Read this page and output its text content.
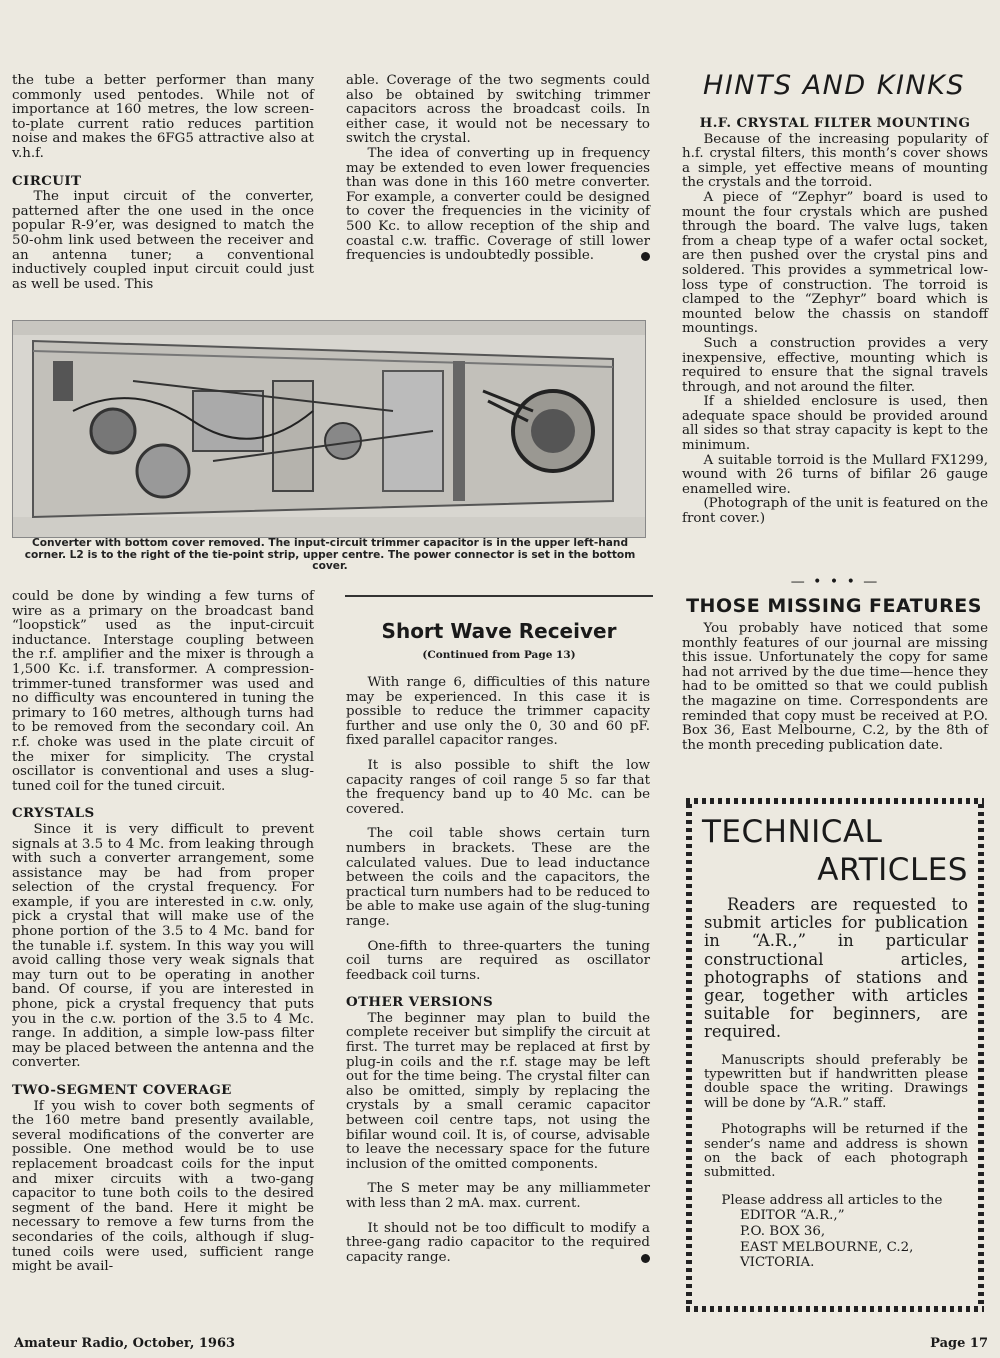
the tube a better performer than many commonly used pentodes. While not of importance at 160 metres, the low screen-to-plate current ratio reduces partition noise and makes the 6FG5 attractive also at v.h.f.

CIRCUIT

The input circuit of the converter, patterned after the one used in the once popular R-9’er, was designed to match the 50-ohm link used between the receiver and an antenna tuner; a conventional inductively coupled input circuit could just as well be used. This

able. Coverage of the two segments could also be obtained by switching trimmer capacitors across the broadcast coils. In either case, it would not be necessary to switch the crystal.

The idea of converting up in frequency may be extended to even lower frequencies than was done in this 160 metre converter. For example, a converter could be designed to cover the frequencies in the vicinity of 500 Kc. to allow reception of the ship and coastal c.w. traffic. Coverage of still lower frequencies is undoubtedly possible.

Converter with bottom cover removed. The input-circuit trimmer capacitor is in the upper left-hand corner. L2 is to the right of the tie-point strip, upper centre. The power connector is set in the bottom cover.

could be done by winding a few turns of wire as a primary on the broadcast band “loopstick” used as the input-circuit inductance. Interstage coupling between the r.f. amplifier and the mixer is through a 1,500 Kc. i.f. transformer. A compression-trimmer-tuned transformer was used and no difficulty was encountered in tuning the primary to 160 metres, although turns had to be removed from the secondary coil. An r.f. choke was used in the plate circuit of the mixer for simplicity. The crystal oscillator is conventional and uses a slug-tuned coil for the tuned circuit.

CRYSTALS

Since it is very difficult to prevent signals at 3.5 to 4 Mc. from leaking through with such a converter arrangement, some assistance may be had from proper selection of the crystal frequency. For example, if you are interested in c.w. only, pick a crystal that will make use of the phone portion of the 3.5 to 4 Mc. band for the tunable i.f. system. In this way you will avoid calling those very weak signals that may turn out to be operating in another band. Of course, if you are interested in phone, pick a crystal frequency that puts you in the c.w. portion of the 3.5 to 4 Mc. range. In addition, a simple low-pass filter may be placed between the antenna and the converter.

TWO-SEGMENT COVERAGE

If you wish to cover both segments of the 160 metre band presently available, several modifications of the converter are possible. One method would be to use replacement broadcast coils for the input and mixer circuits with a two-gang capacitor to tune both coils to the desired segment of the band. Here it might be necessary to remove a few turns from the secondaries of the coils, although if slug-tuned coils were used, sufficient range might be avail-

Short Wave Receiver
(Continued from Page 13)

With range 6, difficulties of this nature may be experienced. In this case it is possible to reduce the trimmer capacity further and use only the 0, 30 and 60 pF. fixed parallel capacitor ranges.

It is also possible to shift the low capacity ranges of coil range 5 so far that the frequency band up to 40 Mc. can be covered.

The coil table shows certain turn numbers in brackets. These are the calculated values. Due to lead inductance between the coils and the capacitors, the practical turn numbers had to be reduced to be able to make use again of the slug-tuning range.

One-fifth to three-quarters the tuning coil turns are required as oscillator feedback coil turns.

OTHER VERSIONS

The beginner may plan to build the complete receiver but simplify the circuit at first. The turret may be replaced at first by plug-in coils and the r.f. stage may be left out for the time being. The crystal filter can also be omitted, simply by replacing the crystals by a small ceramic capacitor between coil centre taps, not using the bifilar wound coil. It is, of course, advisable to leave the necessary space for the future inclusion of the omitted components.

The S meter may be any milliammeter with less than 2 mA. max. current.

It should not be too difficult to modify a three-gang radio capacitor to the required capacity range.

HINTS AND KINKS
H.F. CRYSTAL FILTER MOUNTING

Because of the increasing popularity of h.f. crystal filters, this month’s cover shows a simple, yet effective means of mounting the crystals and the torroid.

A piece of “Zephyr” board is used to mount the four crystals which are pushed through the board. The valve lugs, taken from a cheap type of a wafer octal socket, are then pushed over the crystal pins and soldered. This provides a symmetrical low-loss type of construction. The torroid is clamped to the “Zephyr” board which is mounted below the chassis on standoff mountings.

Such a construction provides a very inexpensive, effective, mounting which is required to ensure that the signal travels through, and not around the filter.

If a shielded enclosure is used, then adequate space should be provided around all sides so that stray capacity is kept to the minimum.

A suitable torroid is the Mullard FX1299, wound with 26 turns of bifilar 26 gauge enamelled wire.

(Photograph of the unit is featured on the front cover.)

— • • • —
THOSE MISSING FEATURES

You probably have noticed that some monthly features of our journal are missing this issue. Unfortunately the copy for same had not arrived by the due time—hence they had to be omitted so that we could publish the magazine on time. Correspondents are reminded that copy must be received at P.O. Box 36, East Melbourne, C.2, by the 8th of the month preceding publication date.

TECHNICAL
ARTICLES

Readers are requested to submit articles for publication in “A.R.,” in particular constructional articles, photographs of stations and gear, together with articles suitable for beginners, are required.

Manuscripts should preferably be typewritten but if handwritten please double space the writing. Drawings will be done by “A.R.” staff.

Photographs will be returned if the sender’s name and address is shown on the back of each photograph submitted.

Please address all articles to the
EDITOR “A.R.,”
P.O. BOX 36,
EAST MELBOURNE, C.2,
VICTORIA.
Amateur Radio, October, 1963	Page 17
